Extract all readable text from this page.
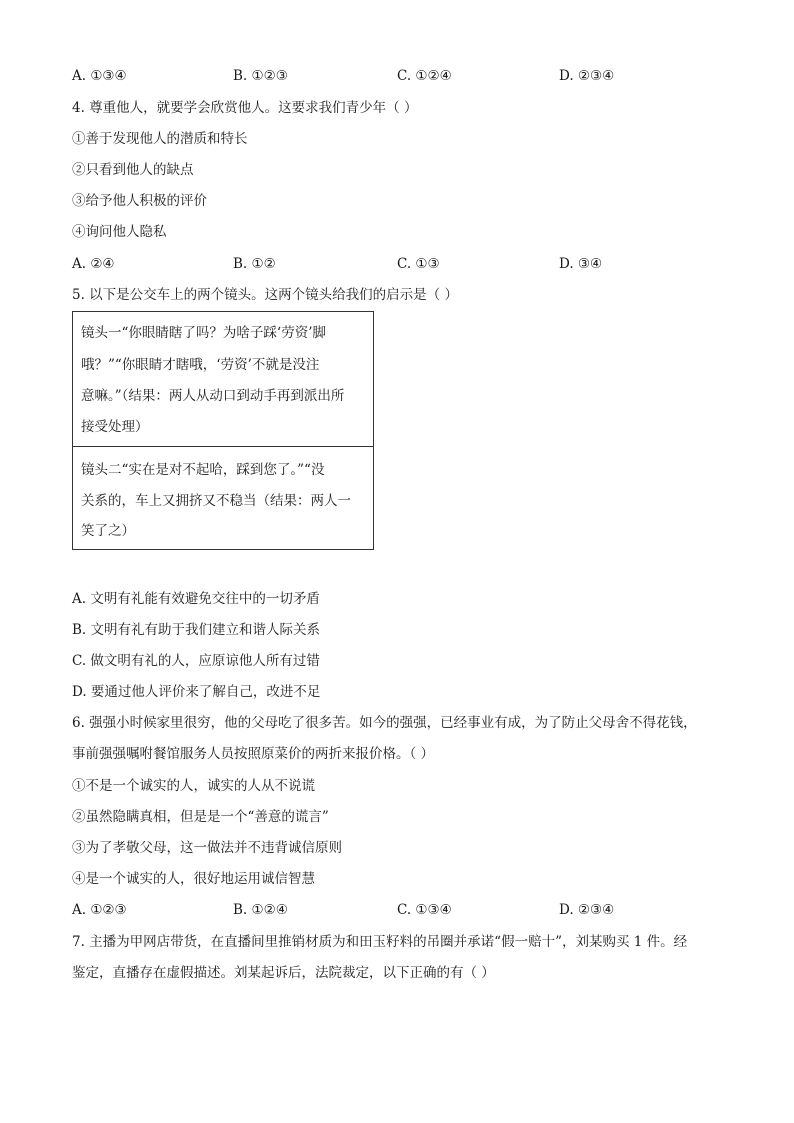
A. ①③④	B. ①②③	C. ①②④	D. ②③④
4. 尊重他人，就要学会欣赏他人。这要求我们青少年（ ）
①善于发现他人的潜质和特长
②只看到他人的缺点
③给予他人积极的评价
④询问他人隐私
A. ②④	B. ①②	C. ①③	D. ③④
5. 以下是公交车上的两个镜头。这两个镜头给我们的启示是（ ）
镜头一“你眼睛瞎了吗？为啥子踩‘劳资’脚
哦？”“你眼睛才瞎哦，‘劳资’不就是没注
意嘛。”（结果：两人从动口到动手再到派出所
接受处理）
镜头二“实在是对不起哈，踩到您了。”“没
关系的，车上又拥挤又不稳当（结果：两人一
笑了之）
A. 文明有礼能有效避免交往中的一切矛盾
B. 文明有礼有助于我们建立和谐人际关系
C. 做文明有礼的人，应原谅他人所有过错
D. 要通过他人评价来了解自己，改进不足
6. 强强小时候家里很穷，他的父母吃了很多苦。如今的强强，已经事业有成，为了防止父母舍不得花钱，
事前强强嘱咐餐馆服务人员按照原菜价的两折来报价格。（ ）
①不是一个诚实的人，诚实的人从不说谎
②虽然隐瞒真相，但是是一个“善意的谎言”
③为了孝敬父母，这一做法并不违背诚信原则
④是一个诚实的人，很好地运用诚信智慧
A. ①②③	B. ①②④	C. ①③④	D. ②③④
7. 主播为甲网店带货，在直播间里推销材质为和田玉籽料的吊圈并承诺“假一赔十”，刘某购买 1 件。经
鉴定，直播存在虚假描述。刘某起诉后，法院裁定，以下正确的有（ ）
